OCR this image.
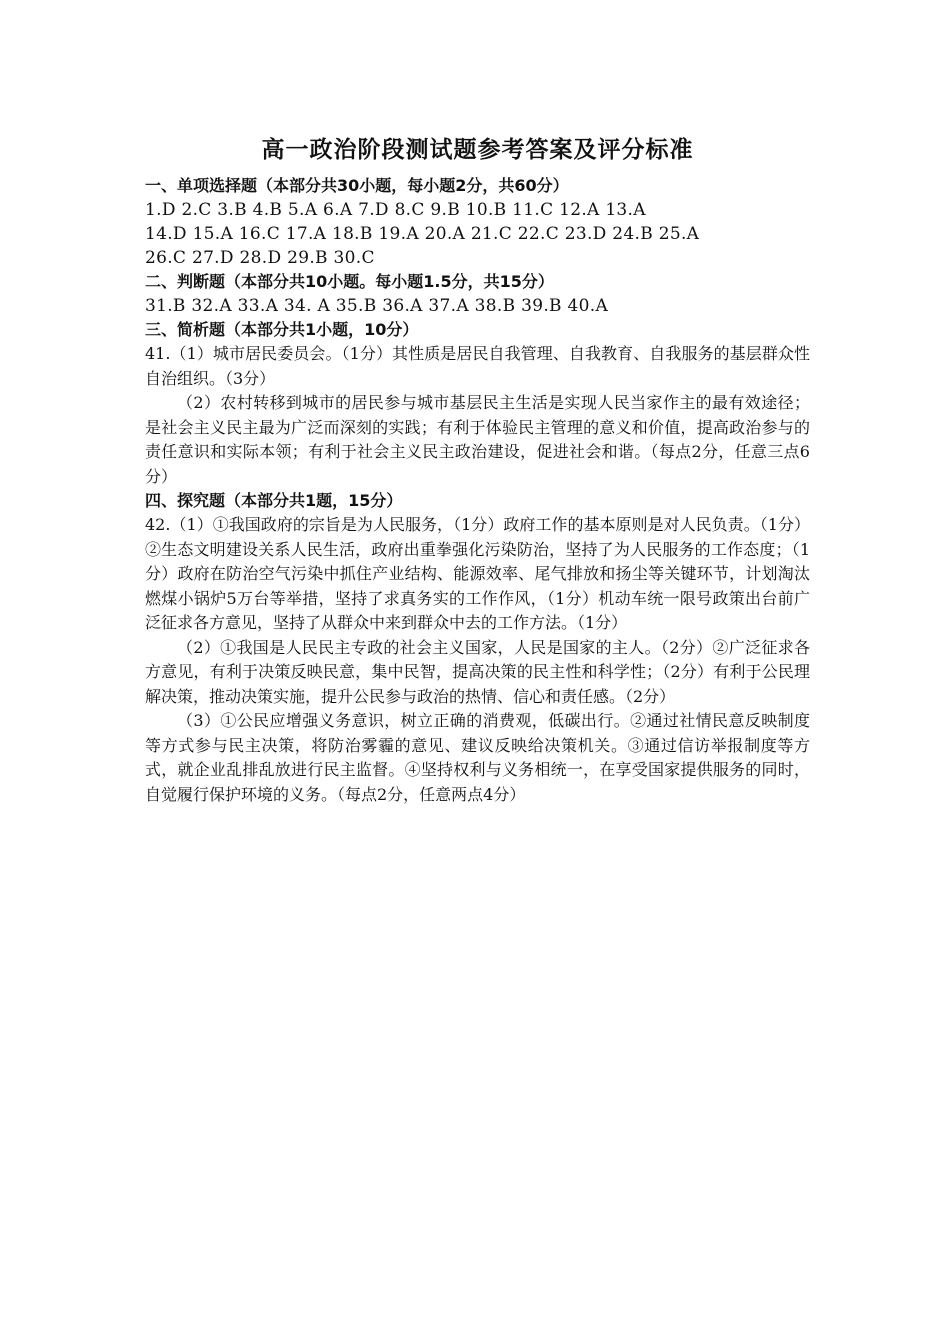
高一政治阶段测试题参考答案及评分标准
一、单项选择题（本部分共30小题，每小题2分，共60分）
1.D 2.C 3.B 4.B 5.A 6.A 7.D 8.C 9.B 10.B 11.C 12.A 13.A
14.D 15.A 16.C 17.A 18.B 19.A 20.A 21.C 22.C 23.D 24.B 25.A
26.C 27.D 28.D 29.B 30.C
二、判断题（本部分共10小题。每小题1.5分，共15分）
31.B 32.A 33.A 34. A 35.B 36.A 37.A 38.B 39.B 40.A
三、简析题（本部分共1小题，10分）

41.（1）城市居民委员会。（1分）其性质是居民自我管理、自我教育、自我服务的基层群众性自治组织。（3分）

（2）农村转移到城市的居民参与城市基层民主生活是实现人民当家作主的最有效途径；是社会主义民主最为广泛而深刻的实践；有利于体验民主管理的意义和价值，提高政治参与的责任意识和实际本领；有利于社会主义民主政治建设，促进社会和谐。（每点2分，任意三点6分）

四、探究题（本部分共1题，15分）

42.（1）①我国政府的宗旨是为人民服务，（1分）政府工作的基本原则是对人民负责。（1分）②生态文明建设关系人民生活，政府出重拳强化污染防治，坚持了为人民服务的工作态度；（1分）政府在防治空气污染中抓住产业结构、能源效率、尾气排放和扬尘等关键环节，计划淘汰燃煤小锅炉5万台等举措，坚持了求真务实的工作作风，（1分）机动车统一限号政策出台前广泛征求各方意见，坚持了从群众中来到群众中去的工作方法。（1分）

（2）①我国是人民民主专政的社会主义国家，人民是国家的主人。（2分）②广泛征求各方意见，有利于决策反映民意，集中民智，提高决策的民主性和科学性；（2分）有利于公民理解决策，推动决策实施，提升公民参与政治的热情、信心和责任感。（2分）

（3）①公民应增强义务意识，树立正确的消费观，低碳出行。②通过社情民意反映制度等方式参与民主决策，将防治雾霾的意见、建议反映给决策机关。③通过信访举报制度等方式，就企业乱排乱放进行民主监督。④坚持权利与义务相统一，在享受国家提供服务的同时，自觉履行保护环境的义务。（每点2分，任意两点4分）
